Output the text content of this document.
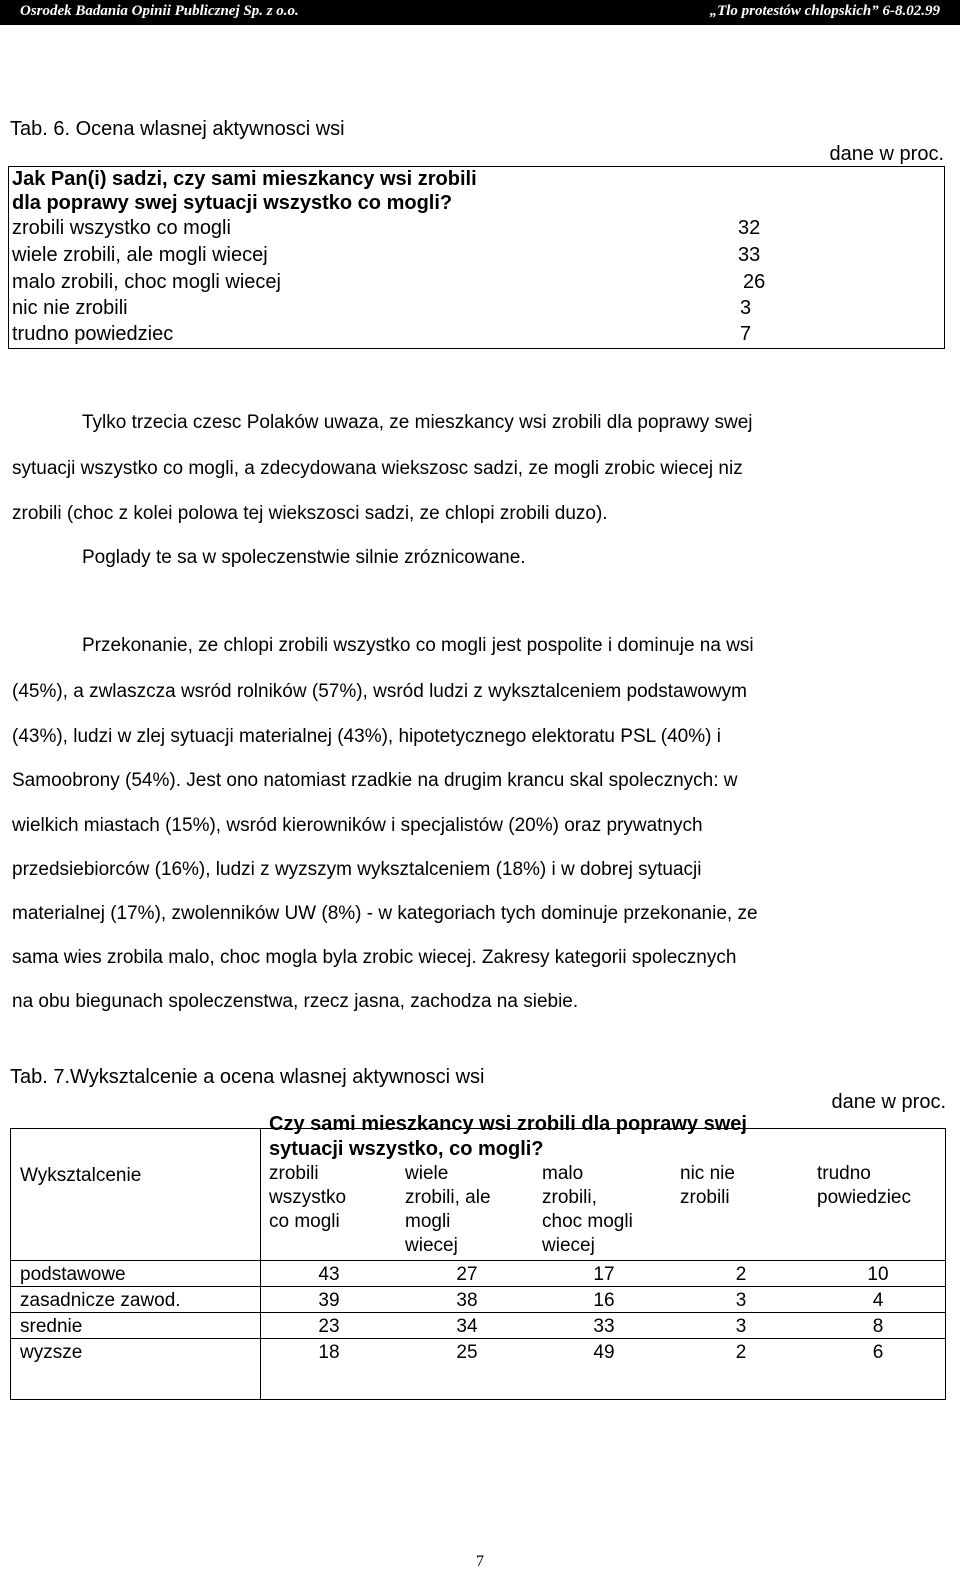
Osrodek Badania Opinii Publicznej Sp. z o.o.	„Tlo protestów chlopskich” 6-8.02.99
Tab. 6. Ocena wlasnej aktywnosci wsi
dane w proc.
Jak Pan(i) sadzi, czy sami mieszkancy wsi zrobili
dla poprawy swej sytuacji wszystko co mogli?
zrobili wszystko co mogli	32
wiele zrobili, ale mogli wiecej	33
malo zrobili, choc mogli wiecej	26
nic nie zrobili	3
trudno powiedziec	7
Tylko trzecia czesc Polaków uwaza, ze mieszkancy wsi zrobili dla poprawy swej
sytuacji wszystko co mogli, a zdecydowana wiekszosc sadzi, ze mogli zrobic wiecej niz
zrobili (choc z kolei polowa tej wiekszosci sadzi, ze chlopi zrobili duzo).
Poglady te sa w spoleczenstwie silnie zróznicowane.
Przekonanie, ze chlopi zrobili wszystko co mogli jest pospolite i dominuje na wsi
(45%), a zwlaszcza wsród rolników (57%), wsród ludzi z wyksztalceniem podstawowym
(43%), ludzi w zlej sytuacji materialnej (43%), hipotetycznego elektoratu PSL (40%) i
Samoobrony (54%). Jest ono natomiast rzadkie na drugim krancu skal spolecznych: w
wielkich miastach (15%), wsród kierowników i specjalistów (20%) oraz prywatnych
przedsiebiorców (16%), ludzi z wyzszym wyksztalceniem (18%) i w dobrej sytuacji
materialnej (17%), zwolenników UW (8%) - w kategoriach tych dominuje przekonanie, ze
sama wies zrobila malo, choc mogla byla zrobic wiecej. Zakresy kategorii spolecznych
na obu biegunach spoleczenstwa, rzecz jasna, zachodza na siebie.
Tab. 7.Wyksztalcenie a ocena wlasnej aktywnosci wsi
dane w proc.
Wyksztalcenie
Czy sami mieszkancy wsi zrobili dla poprawy swej
sytuacji wszystko, co mogli?
zrobili
wszystko
co mogli
wiele
zrobili, ale
mogli
wiecej
malo
zrobili,
choc mogli
wiecej
nic nie
zrobili
trudno
powiedziec
podstawowe	43	27	17	2	10
zasadnicze zawod.	39	38	16	3	4
srednie	23	34	33	3	8
wyzsze	18	25	49	2	6
7
